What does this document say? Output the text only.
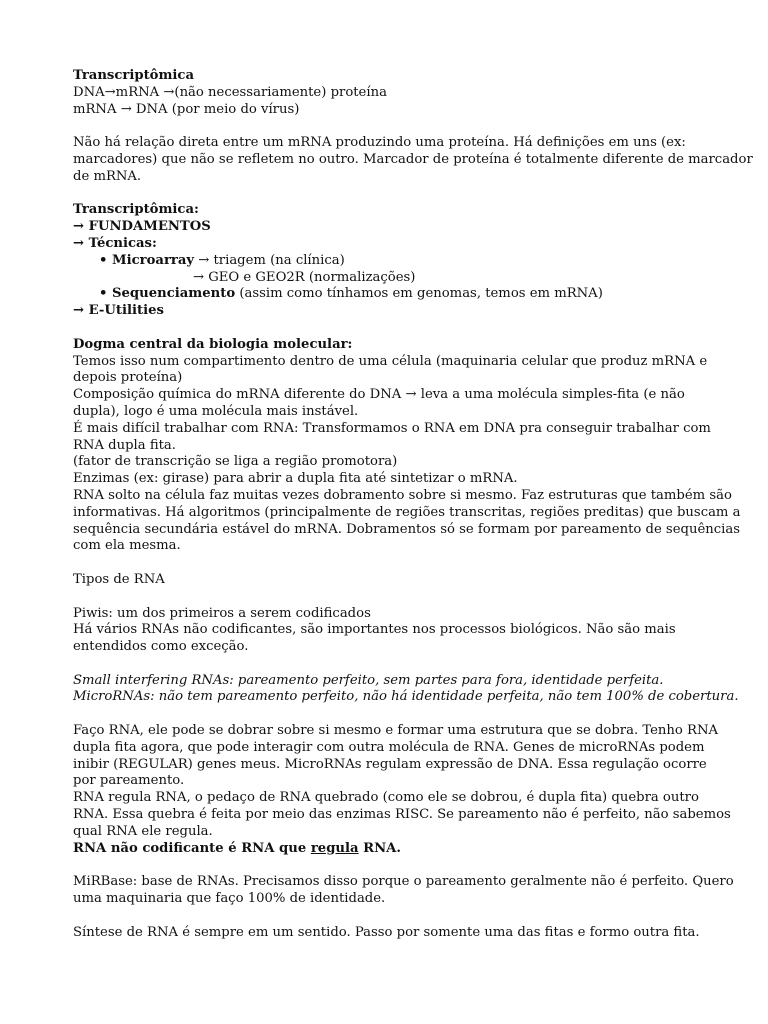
Transcriptômica
DNA→mRNA →(não necessariamente) proteína
mRNA → DNA (por meio do vírus)
Não há relação direta entre um mRNA produzindo uma proteína. Há definições em uns (ex:
marcadores) que não se refletem no outro. Marcador de proteína é totalmente diferente de marcador
de mRNA.
Transcriptômica:
→ FUNDAMENTOS
→ Técnicas:
• Microarray → triagem (na clínica)
→ GEO e GEO2R (normalizações)
• Sequenciamento (assim como tínhamos em genomas, temos em mRNA)
→ E-Utilities
Dogma central da biologia molecular:
Temos isso num compartimento dentro de uma célula (maquinaria celular que produz mRNA e
depois proteína)
Composição química do mRNA diferente do DNA → leva a uma molécula simples-fita (e não
dupla), logo é uma molécula mais instável.
É mais difícil trabalhar com RNA: Transformamos o RNA em DNA pra conseguir trabalhar com
RNA dupla fita.
(fator de transcrição se liga a região promotora)
Enzimas (ex: girase) para abrir a dupla fita até sintetizar o mRNA.
RNA solto na célula faz muitas vezes dobramento sobre si mesmo. Faz estruturas que também são
informativas. Há algoritmos (principalmente de regiões transcritas, regiões preditas) que buscam a
sequência secundária estável do mRNA. Dobramentos só se formam por pareamento de sequências
com ela mesma.
Tipos de RNA
Piwis: um dos primeiros a serem codificados
Há vários RNAs não codificantes, são importantes nos processos biológicos. Não são mais
entendidos como exceção.
Small interfering RNAs: pareamento perfeito, sem partes para fora, identidade perfeita.
MicroRNAs: não tem pareamento perfeito, não há identidade perfeita, não tem 100% de cobertura.
Faço RNA, ele pode se dobrar sobre si mesmo e formar uma estrutura que se dobra. Tenho RNA
dupla fita agora, que pode interagir com outra molécula de RNA. Genes de microRNAs podem
inibir (REGULAR) genes meus. MicroRNAs regulam expressão de DNA. Essa regulação ocorre
por pareamento.
RNA regula RNA, o pedaço de RNA quebrado (como ele se dobrou, é dupla fita) quebra outro
RNA. Essa quebra é feita por meio das enzimas RISC. Se pareamento não é perfeito, não sabemos
qual RNA ele regula.
RNA não codificante é RNA que regula RNA.
MiRBase: base de RNAs. Precisamos disso porque o pareamento geralmente não é perfeito. Quero
uma maquinaria que faço 100% de identidade.
Síntese de RNA é sempre em um sentido. Passo por somente uma das fitas e formo outra fita.
